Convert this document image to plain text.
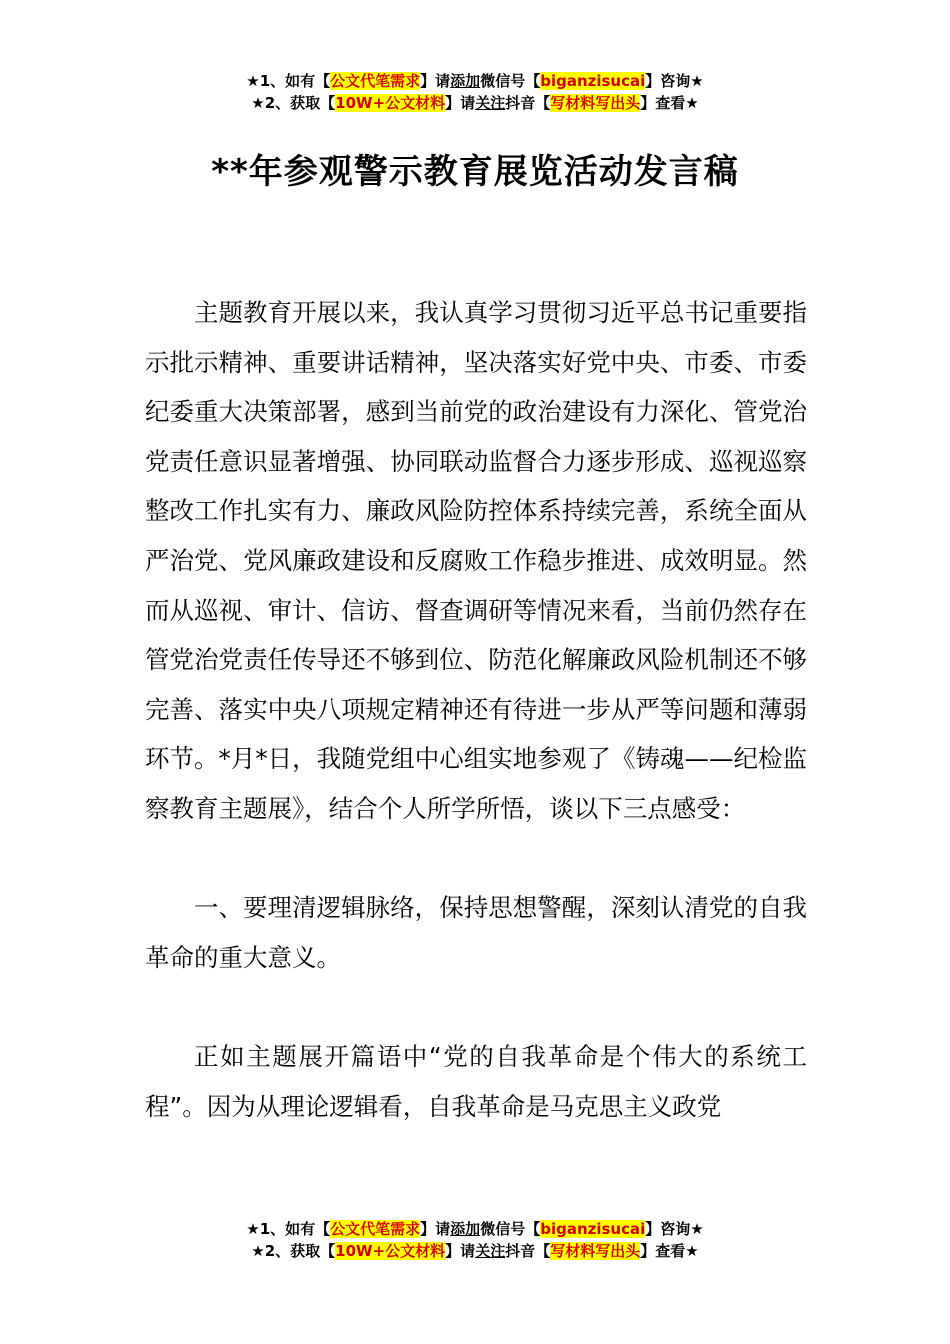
★1、如有【公文代笔需求】请添加微信号【biganzisucai】咨询★
★2、获取【10W+公文材料】请关注抖音【写材料写出头】查看★
**年参观警示教育展览活动发言稿

主题教育开展以来，我认真学习贯彻习近平总书记重要指示批示精神、重要讲话精神，坚决落实好党中央、市委、市委纪委重大决策部署，感到当前党的政治建设有力深化、管党治党责任意识显著增强、协同联动监督合力逐步形成、巡视巡察整改工作扎实有力、廉政风险防控体系持续完善，系统全面从严治党、党风廉政建设和反腐败工作稳步推进、成效明显。然而从巡视、审计、信访、督查调研等情况来看，当前仍然存在管党治党责任传导还不够到位、防范化解廉政风险机制还不够完善、落实中央八项规定精神还有待进一步从严等问题和薄弱环节。*月*日，我随党组中心组实地参观了《铸魂——纪检监察教育主题展》，结合个人所学所悟，谈以下三点感受：

一、要理清逻辑脉络，保持思想警醒，深刻认清党的自我革命的重大意义。

正如主题展开篇语中“党的自我革命是个伟大的系统工程”。因为从理论逻辑看，自我革命是马克思主义政党

★1、如有【公文代笔需求】请添加微信号【biganzisucai】咨询★
★2、获取【10W+公文材料】请关注抖音【写材料写出头】查看★
